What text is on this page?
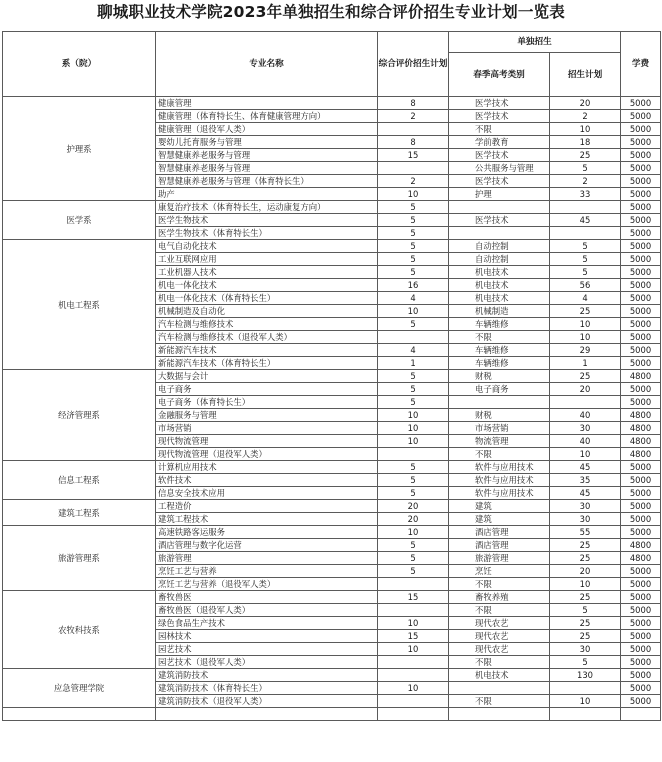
聊城职业技术学院2023年单独招生和综合评价招生专业计划一览表
系（院）	专业名称	综合评价招生计划	单独招生		学费
			春季高考类别	招生计划	
护理系	健康管理	8	医学技术	20	5000
	健康管理（体育特长生、体育健康管理方向）	2	医学技术	2	5000
	健康管理（退役军人类）		不限	10	5000
	婴幼儿托育服务与管理	8	学前教育	18	5000
	智慧健康养老服务与管理	15	医学技术	25	5000
	智慧健康养老服务与管理		公共服务与管理	5	5000
	智慧健康养老服务与管理（体育特长生）	2	医学技术	2	5000
	助产	10	护理	33	5000
医学系	康复治疗技术（体育特长生，运动康复方向）	5			5000
	医学生物技术	5	医学技术	45	5000
	医学生物技术（体育特长生）	5			5000
机电工程系	电气自动化技术	5	自动控制	5	5000
	工业互联网应用	5	自动控制	5	5000
	工业机器人技术	5	机电技术	5	5000
	机电一体化技术	16	机电技术	56	5000
	机电一体化技术（体育特长生）	4	机电技术	4	5000
	机械制造及自动化	10	机械制造	25	5000
	汽车检测与维修技术	5	车辆维修	10	5000
	汽车检测与维修技术（退役军人类）		不限	10	5000
	新能源汽车技术	4	车辆维修	29	5000
	新能源汽车技术（体育特长生）	1	车辆维修	1	5000
经济管理系	大数据与会计	5	财税	25	4800
	电子商务	5	电子商务	20	5000
	电子商务（体育特长生）	5			5000
	金融服务与管理	10	财税	40	4800
	市场营销	10	市场营销	30	4800
	现代物流管理	10	物流管理	40	4800
	现代物流管理（退役军人类）		不限	10	4800
信息工程系	计算机应用技术	5	软件与应用技术	45	5000
	软件技术	5	软件与应用技术	35	5000
	信息安全技术应用	5	软件与应用技术	45	5000
建筑工程系	工程造价	20	建筑	30	5000
	建筑工程技术	20	建筑	30	5000
旅游管理系	高速铁路客运服务	10	酒店管理	55	5000
	酒店管理与数字化运营	5	酒店管理	25	4800
	旅游管理	5	旅游管理	25	4800
	烹饪工艺与营养	5	烹饪	20	5000
	烹饪工艺与营养（退役军人类）		不限	10	5000
农牧科技系	畜牧兽医	15	畜牧养殖	25	5000
	畜牧兽医（退役军人类）		不限	5	5000
	绿色食品生产技术	10	现代农艺	25	5000
	园林技术	15	现代农艺	25	5000
	园艺技术	10	现代农艺	30	5000
	园艺技术（退役军人类）		不限	5	5000
应急管理学院	建筑消防技术		机电技术	130	5000
	建筑消防技术（体育特长生）	10			5000
	建筑消防技术（退役军人类）		不限	10	5000
